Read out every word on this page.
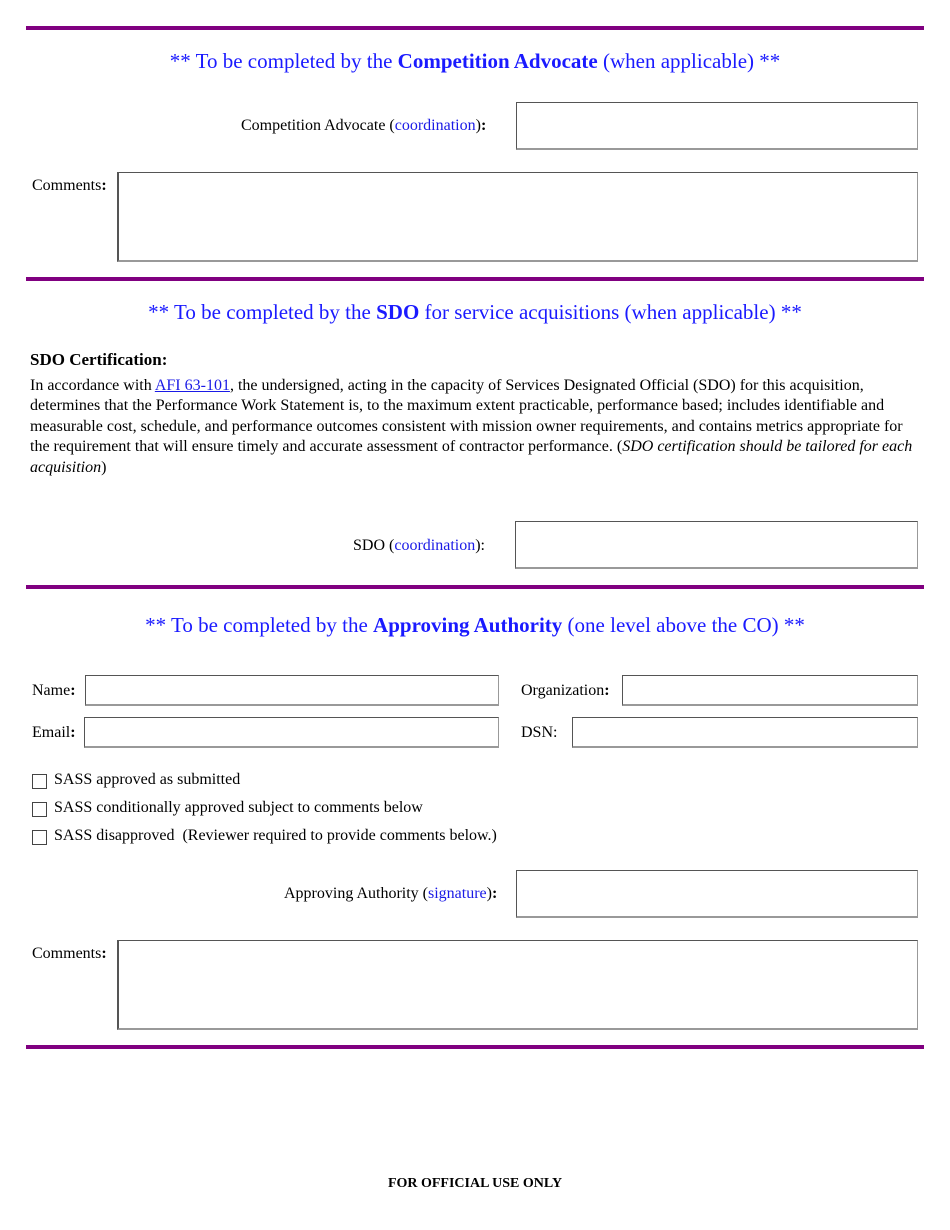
** To be completed by the Competition Advocate (when applicable) **
Competition Advocate (coordination):
Comments:
** To be completed by the SDO for service acquisitions (when applicable) **
SDO Certification:
In accordance with AFI 63-101, the undersigned, acting in the capacity of Services Designated Official (SDO) for this acquisition, determines that the Performance Work Statement is, to the maximum extent practicable, performance based; includes identifiable and measurable cost, schedule, and performance outcomes consistent with mission owner requirements, and contains metrics appropriate for the requirement that will ensure timely and accurate assessment of contractor performance. (SDO certification should be tailored for each acquisition)
SDO (coordination):
** To be completed by the Approving Authority (one level above the CO) **
Name:	Organization:
Email:	DSN:
SASS approved as submitted
SASS conditionally approved subject to comments below
SASS disapproved  (Reviewer required to provide comments below.)
Approving Authority (signature):
Comments:
FOR OFFICIAL USE ONLY
